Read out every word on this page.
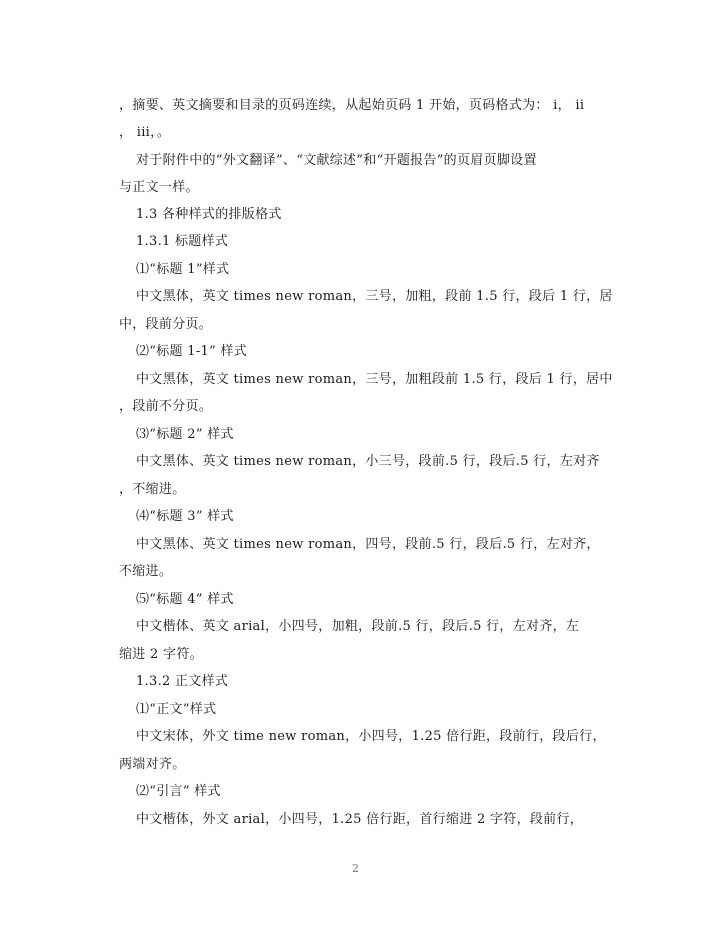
，摘要、英文摘要和目录的页码连续，从起始页码 1 开始，页码格式为： i， ii
， iii，。
对于附件中的“外文翻译”、“文献综述”和“开题报告”的页眉页脚设置
与正文一样。
1.3 各种样式的排版格式
1.3.1 标题样式
⑴“标题 1”样式
中文黑体，英文 times new roman，三号，加粗，段前 1.5 行，段后 1 行，居
中，段前分页。
⑵“标题 1-1” 样式
中文黑体，英文 times new roman，三号，加粗段前 1.5 行，段后 1 行，居中
，段前不分页。
⑶“标题 2” 样式
中文黑体、英文 times new roman，小三号，段前.5 行，段后.5 行，左对齐
，不缩进。
⑷“标题 3” 样式
中文黑体、英文 times new roman，四号，段前.5 行，段后.5 行，左对齐，
不缩进。
⑸“标题 4” 样式
中文楷体、英文 arial，小四号，加粗，段前.5 行，段后.5 行，左对齐，左
缩进 2 字符。
1.3.2 正文样式
⑴“正文”样式
中文宋体，外文 time new roman，小四号，1.25 倍行距，段前行，段后行，
两端对齐。
⑵“引言” 样式
中文楷体，外文 arial，小四号，1.25 倍行距，首行缩进 2 字符，段前行，
2
